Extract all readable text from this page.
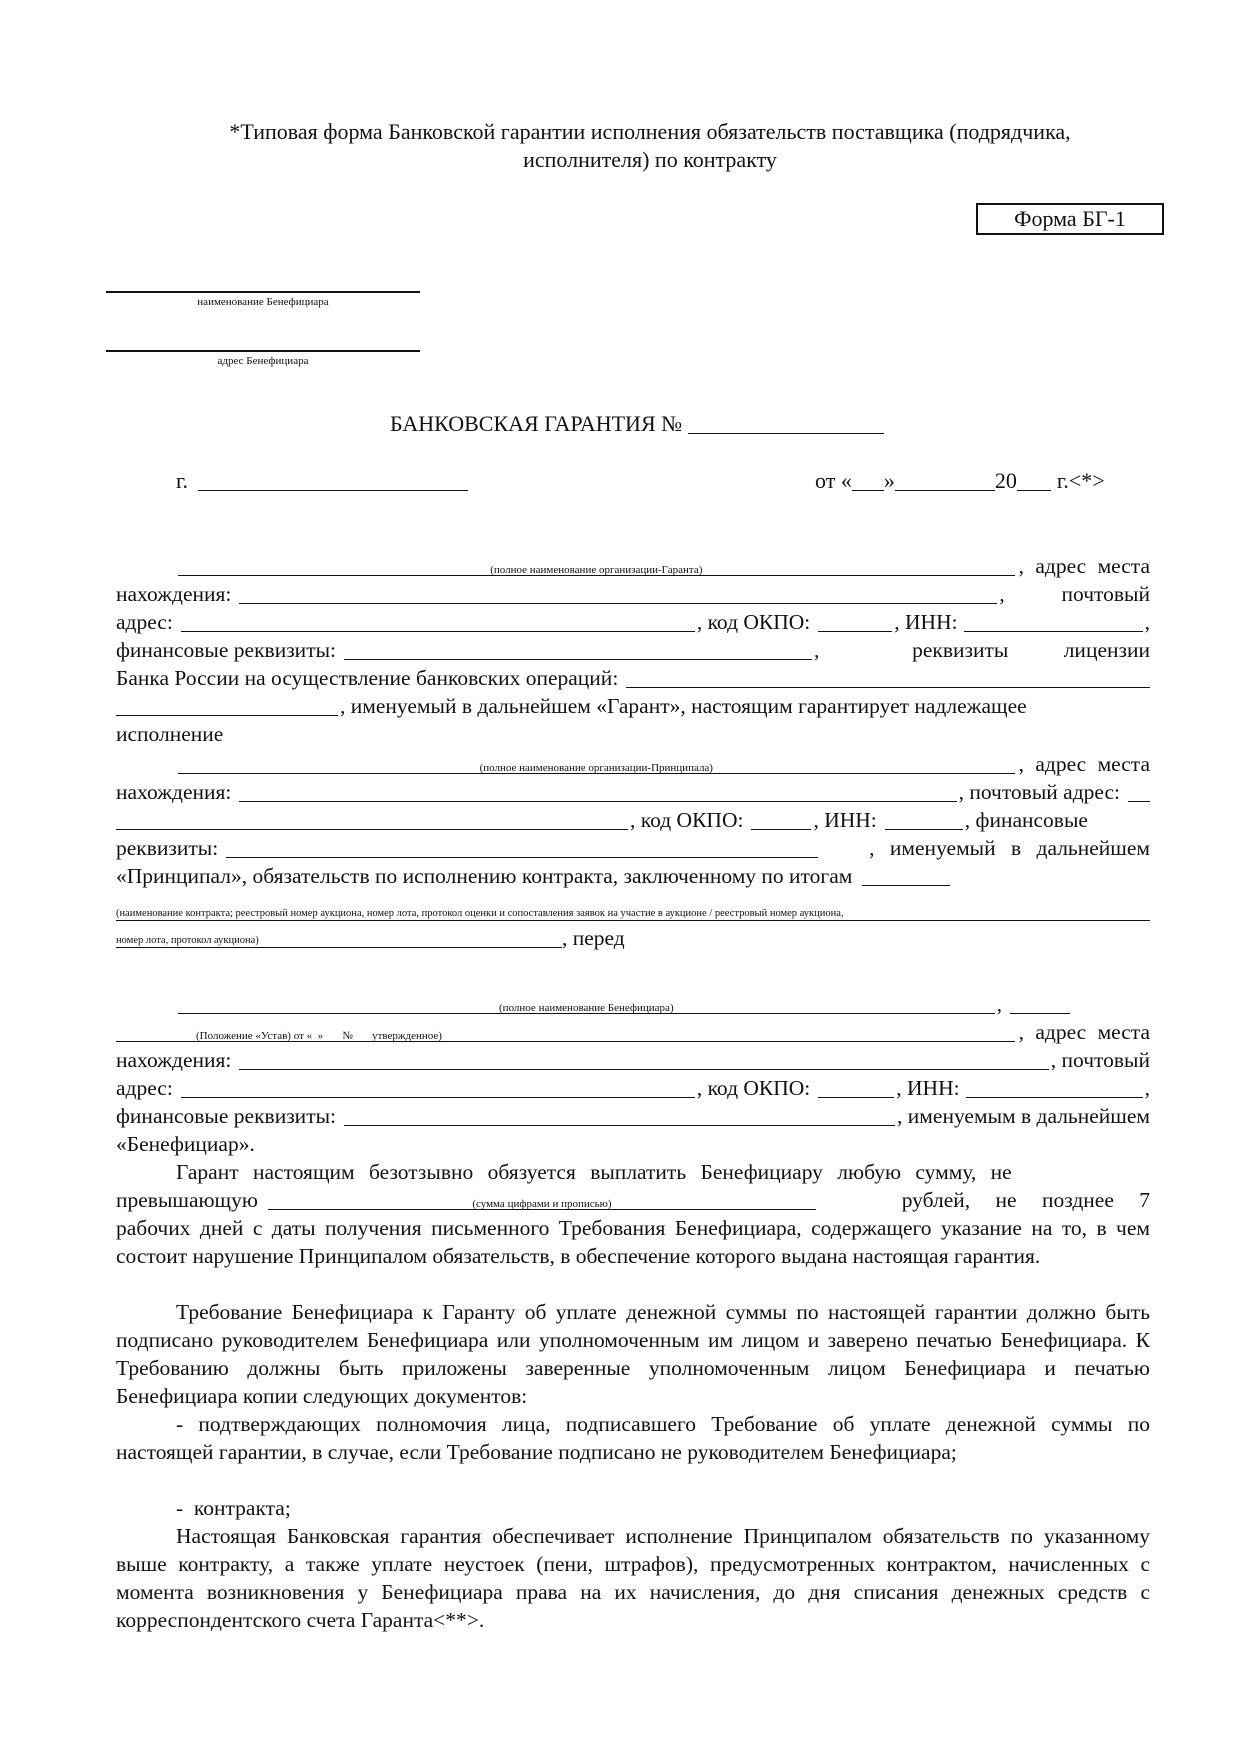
*Типовая форма Банковской гарантии исполнения обязательств поставщика (подрядчика,
исполнителя) по контракту
Форма БГ-1
наименование Бенефициара
адрес Бенефициара
БАНКОВСКАЯ ГАРАНТИЯ №
г.	от « »	20 г.<*>
(полное наименование организации-Гаранта)	, адрес места
нахождения:	,	почтовый
адрес:	, код ОКПО:	, ИНН:	,
финансовые реквизиты:	,	реквизиты лицензии
Банка России на осуществление банковских операций:
, именуемый в дальнейшем «Гарант», настоящим гарантирует надлежащее
исполнение
(полное наименование организации-Принципала)	, адрес места
нахождения:	, почтовый адрес:
, код ОКПО:	, ИНН:	, финансовые
реквизиты:	, именуемый в дальнейшем
«Принципал», обязательств по исполнению контракта, заключенному по итогам
(наименование контракта; реестровый номер аукциона, номер лота, протокол оценки и сопоставления заявок на участие в аукционе / реестровый номер аукциона,
номер лота, протокол аукциона)	, перед
(полное наименование Бенефициара)	,
(Положение «Устав) от «  »       №       утвержденное)	, адрес места
нахождения:	, почтовый
адрес:	, код ОКПО:	, ИНН:	,
финансовые реквизиты:	, именуемым в дальнейшем
«Бенефициар».
Гарант настоящим безотзывно обязуется выплатить Бенефициару любую сумму, не
превышающую	(сумма цифрами и прописью)	рублей, не позднее 7

рабочих дней с даты получения письменного Требования Бенефициара, содержащего указание на то, в чем состоит нарушение Принципалом обязательств, в обеспечение которого выдана настоящая гарантия.

Требование Бенефициара к Гаранту об уплате денежной суммы по настоящей гарантии должно быть подписано руководителем Бенефициара или уполномоченным им лицом и заверено печатью Бенефициара. К Требованию должны быть приложены заверенные уполномоченным лицом Бенефициара и печатью Бенефициара копии следующих документов:

- подтверждающих полномочия лица, подписавшего Требование об уплате денежной суммы по настоящей гарантии, в случае, если Требование подписано не руководителем Бенефициара;

-  контракта;

Настоящая Банковская гарантия обеспечивает исполнение Принципалом обязательств по указанному выше контракту, а также уплате неустоек (пени, штрафов), предусмотренных контрактом, начисленных с момента возникновения у Бенефициара права на их начисления, до дня списания денежных средств с корреспондентского счета Гаранта<**>.
